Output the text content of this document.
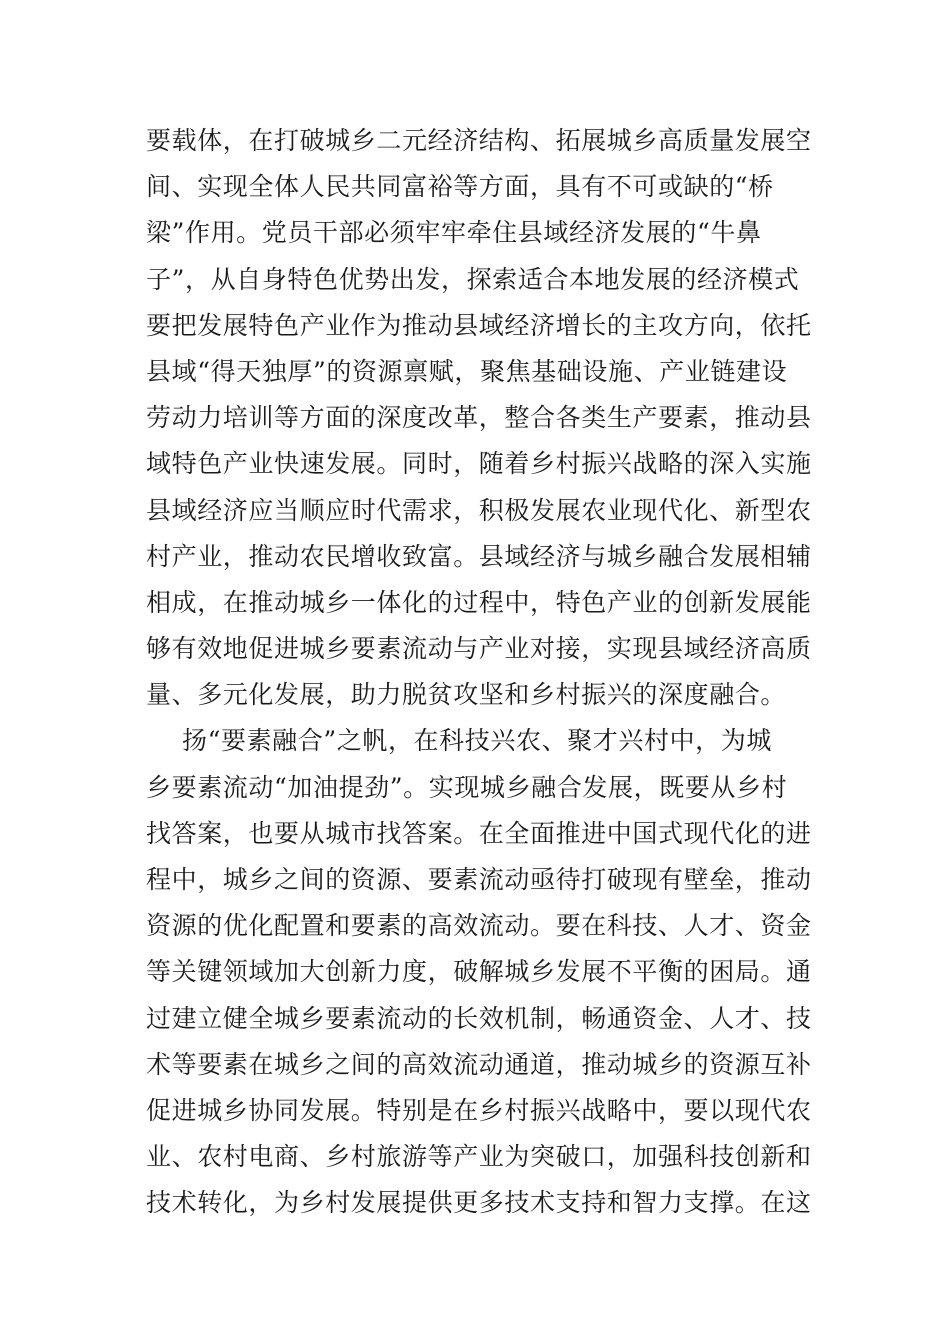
要载体，在打破城乡二元经济结构、拓展城乡高质量发展空
间、实现全体人民共同富裕等方面，具有不可或缺的“桥
梁”作用。党员干部必须牢牢牵住县域经济发展的“牛鼻
子”，从自身特色优势出发，探索适合本地发展的经济模式
要把发展特色产业作为推动县域经济增长的主攻方向，依托
县域“得天独厚”的资源禀赋，聚焦基础设施、产业链建设
劳动力培训等方面的深度改革，整合各类生产要素，推动县
域特色产业快速发展。同时，随着乡村振兴战略的深入实施
县域经济应当顺应时代需求，积极发展农业现代化、新型农
村产业，推动农民增收致富。县域经济与城乡融合发展相辅
相成，在推动城乡一体化的过程中，特色产业的创新发展能
够有效地促进城乡要素流动与产业对接，实现县域经济高质
量、多元化发展，助力脱贫攻坚和乡村振兴的深度融合。
扬“要素融合”之帆，在科技兴农、聚才兴村中，为城
乡要素流动“加油提劲”。实现城乡融合发展，既要从乡村
找答案，也要从城市找答案。在全面推进中国式现代化的进
程中，城乡之间的资源、要素流动亟待打破现有壁垒，推动
资源的优化配置和要素的高效流动。要在科技、人才、资金
等关键领域加大创新力度，破解城乡发展不平衡的困局。通
过建立健全城乡要素流动的长效机制，畅通资金、人才、技
术等要素在城乡之间的高效流动通道，推动城乡的资源互补
促进城乡协同发展。特别是在乡村振兴战略中，要以现代农
业、农村电商、乡村旅游等产业为突破口，加强科技创新和
技术转化，为乡村发展提供更多技术支持和智力支撑。在这
